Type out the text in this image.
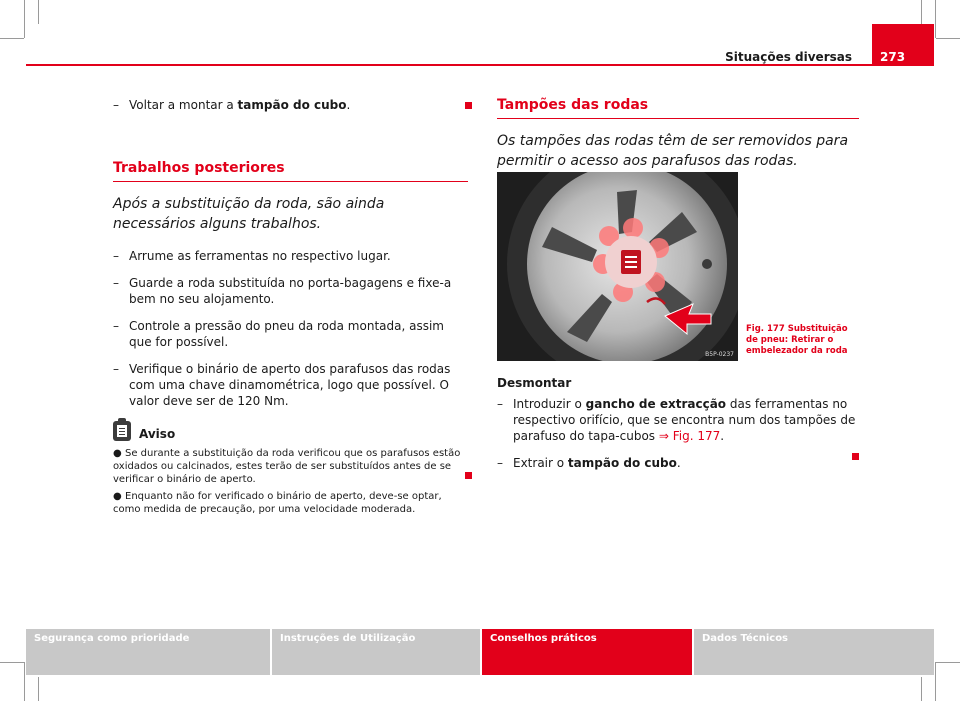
Situações diversas	273
– Voltar a montar a tampão do cubo.
Trabalhos posteriores
Após a substituição da roda, são ainda necessários alguns trabalhos.
– Arrume as ferramentas no respectivo lugar.
– Guarde a roda substituída no porta-bagagens e fixe-a bem no seu alojamento.
– Controle a pressão do pneu da roda montada, assim que for possível.
– Verifique o binário de aperto dos parafusos das rodas com uma chave dinamométrica, logo que possível. O valor deve ser de 120 Nm.
Aviso
● Se durante a substituição da roda verificou que os parafusos estão oxidados ou calcinados, estes terão de ser substituídos antes de se verificar o binário de aperto.
● Enquanto não for verificado o binário de aperto, deve-se optar, como medida de precaução, por uma velocidade moderada.
Tampões das rodas
Os tampões das rodas têm de ser removidos para permitir o acesso aos parafusos das rodas.
B5P-0237
Fig. 177 Substituição de pneu: Retirar o embelezador da roda
Desmontar
– Introduzir o gancho de extracção das ferramentas no respectivo orifício, que se encontra num dos tampões de parafuso do tapa-cubos ⇒ Fig. 177.
– Extrair o tampão do cubo.
Segurança como prioridade	Instruções de Utilização	Conselhos práticos	Dados Técnicos
